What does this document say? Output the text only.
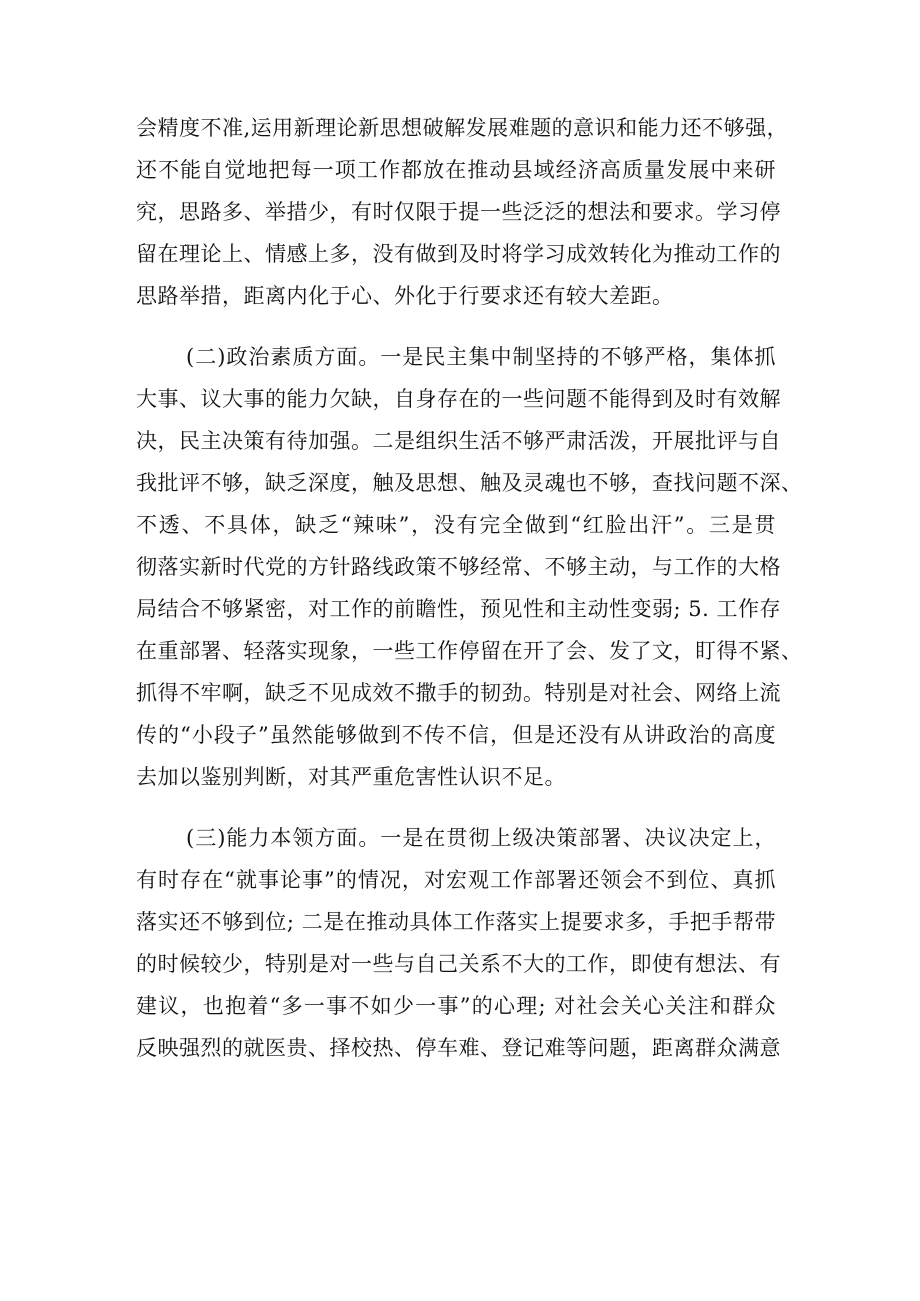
会精度不准,运用新理论新思想破解发展难题的意识和能力还不够强，
还不能自觉地把每一项工作都放在推动县域经济高质量发展中来研
究，思路多、举措少，有时仅限于提一些泛泛的想法和要求。学习停
留在理论上、情感上多，没有做到及时将学习成效转化为推动工作的
思路举措，距离内化于心、外化于行要求还有较大差距。
(二)政治素质方面。一是民主集中制坚持的不够严格，集体抓
大事、议大事的能力欠缺，自身存在的一些问题不能得到及时有效解
决，民主决策有待加强。二是组织生活不够严肃活泼，开展批评与自
我批评不够，缺乏深度，触及思想、触及灵魂也不够，查找问题不深、
不透、不具体，缺乏“辣味”，没有完全做到“红脸出汗”。三是贯
彻落实新时代党的方针路线政策不够经常、不够主动，与工作的大格
局结合不够紧密，对工作的前瞻性，预见性和主动性变弱; 5. 工作存
在重部署、轻落实现象，一些工作停留在开了会、发了文，盯得不紧、
抓得不牢啊，缺乏不见成效不撒手的韧劲。特别是对社会、网络上流
传的“小段子”虽然能够做到不传不信，但是还没有从讲政治的高度
去加以鉴别判断，对其严重危害性认识不足。
(三)能力本领方面。一是在贯彻上级决策部署、决议决定上，
有时存在“就事论事”的情况，对宏观工作部署还领会不到位、真抓
落实还不够到位; 二是在推动具体工作落实上提要求多，手把手帮带
的时候较少，特别是对一些与自己关系不大的工作，即使有想法、有
建议，也抱着“多一事不如少一事”的心理; 对社会关心关注和群众
反映强烈的就医贵、择校热、停车难、登记难等问题，距离群众满意
